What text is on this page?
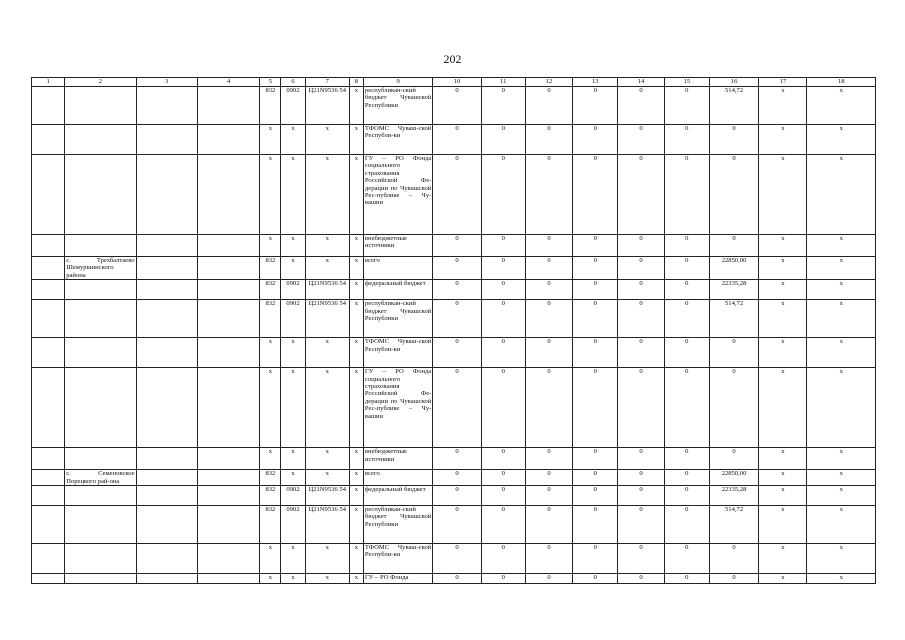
202
1	2	3	4	5	6	7	8	9	10	11	12	13	14	15	16	17	18
				832	0902	Ц21N9536 54	x	республикан-ский бюджет Чувашской Республики	0	0	0	0	0	0	514,72	x	x
				x	x	x	x	ТФОМС Чуваш-ской Республи-ки	0	0	0	0	0	0	0	x	x
				x	x	x	x	ГУ – РО Фонда социального страхования Российской Фе-дерации по Чувашской Рес-публике – Чу-вашии	0	0	0	0	0	0	0	x	x
				x	x	x	x	внебюджетные источники	0	0	0	0	0	0	0	x	x
	с. Трехбалтаево Шемуршинского района			832	x	x	x	всего	0	0	0	0	0	0	22850,00	x	x
				832	0902	Ц21N9536 54	x	федеральный бюджет	0	0	0	0	0	0	22335,28	x	x
				832	0902	Ц21N9536 54	x	республикан-ский бюджет Чувашской Республики	0	0	0	0	0	0	514,72	x	x
				x	x	x	x	ТФОМС Чуваш-ской Республи-ки	0	0	0	0	0	0	0	x	x
				x	x	x	x	ГУ – РО Фонда социального страхования Российской Фе-дерации по Чувашской Рес-публике – Чу-вашии	0	0	0	0	0	0	0	x	x
				x	x	x	x	внебюджетные источники	0	0	0	0	0	0	0	x	x
	с. Семеновское Порецкого рай-она			832	x	x	x	всего	0	0	0	0	0	0	22850,00	x	x
				832	0902	Ц21N9536 54	x	федеральный бюджет	0	0	0	0	0	0	22335,28	x	x
				832	0902	Ц21N9536 54	x	республикан-ский бюджет Чувашской Республики	0	0	0	0	0	0	514,72	x	x
				x	x	x	x	ТФОМС Чуваш-ской Республи-ки	0	0	0	0	0	0	0	x	x
				x	x	x	x	ГУ – РО Фонда	0	0	0	0	0	0	0	x	x
